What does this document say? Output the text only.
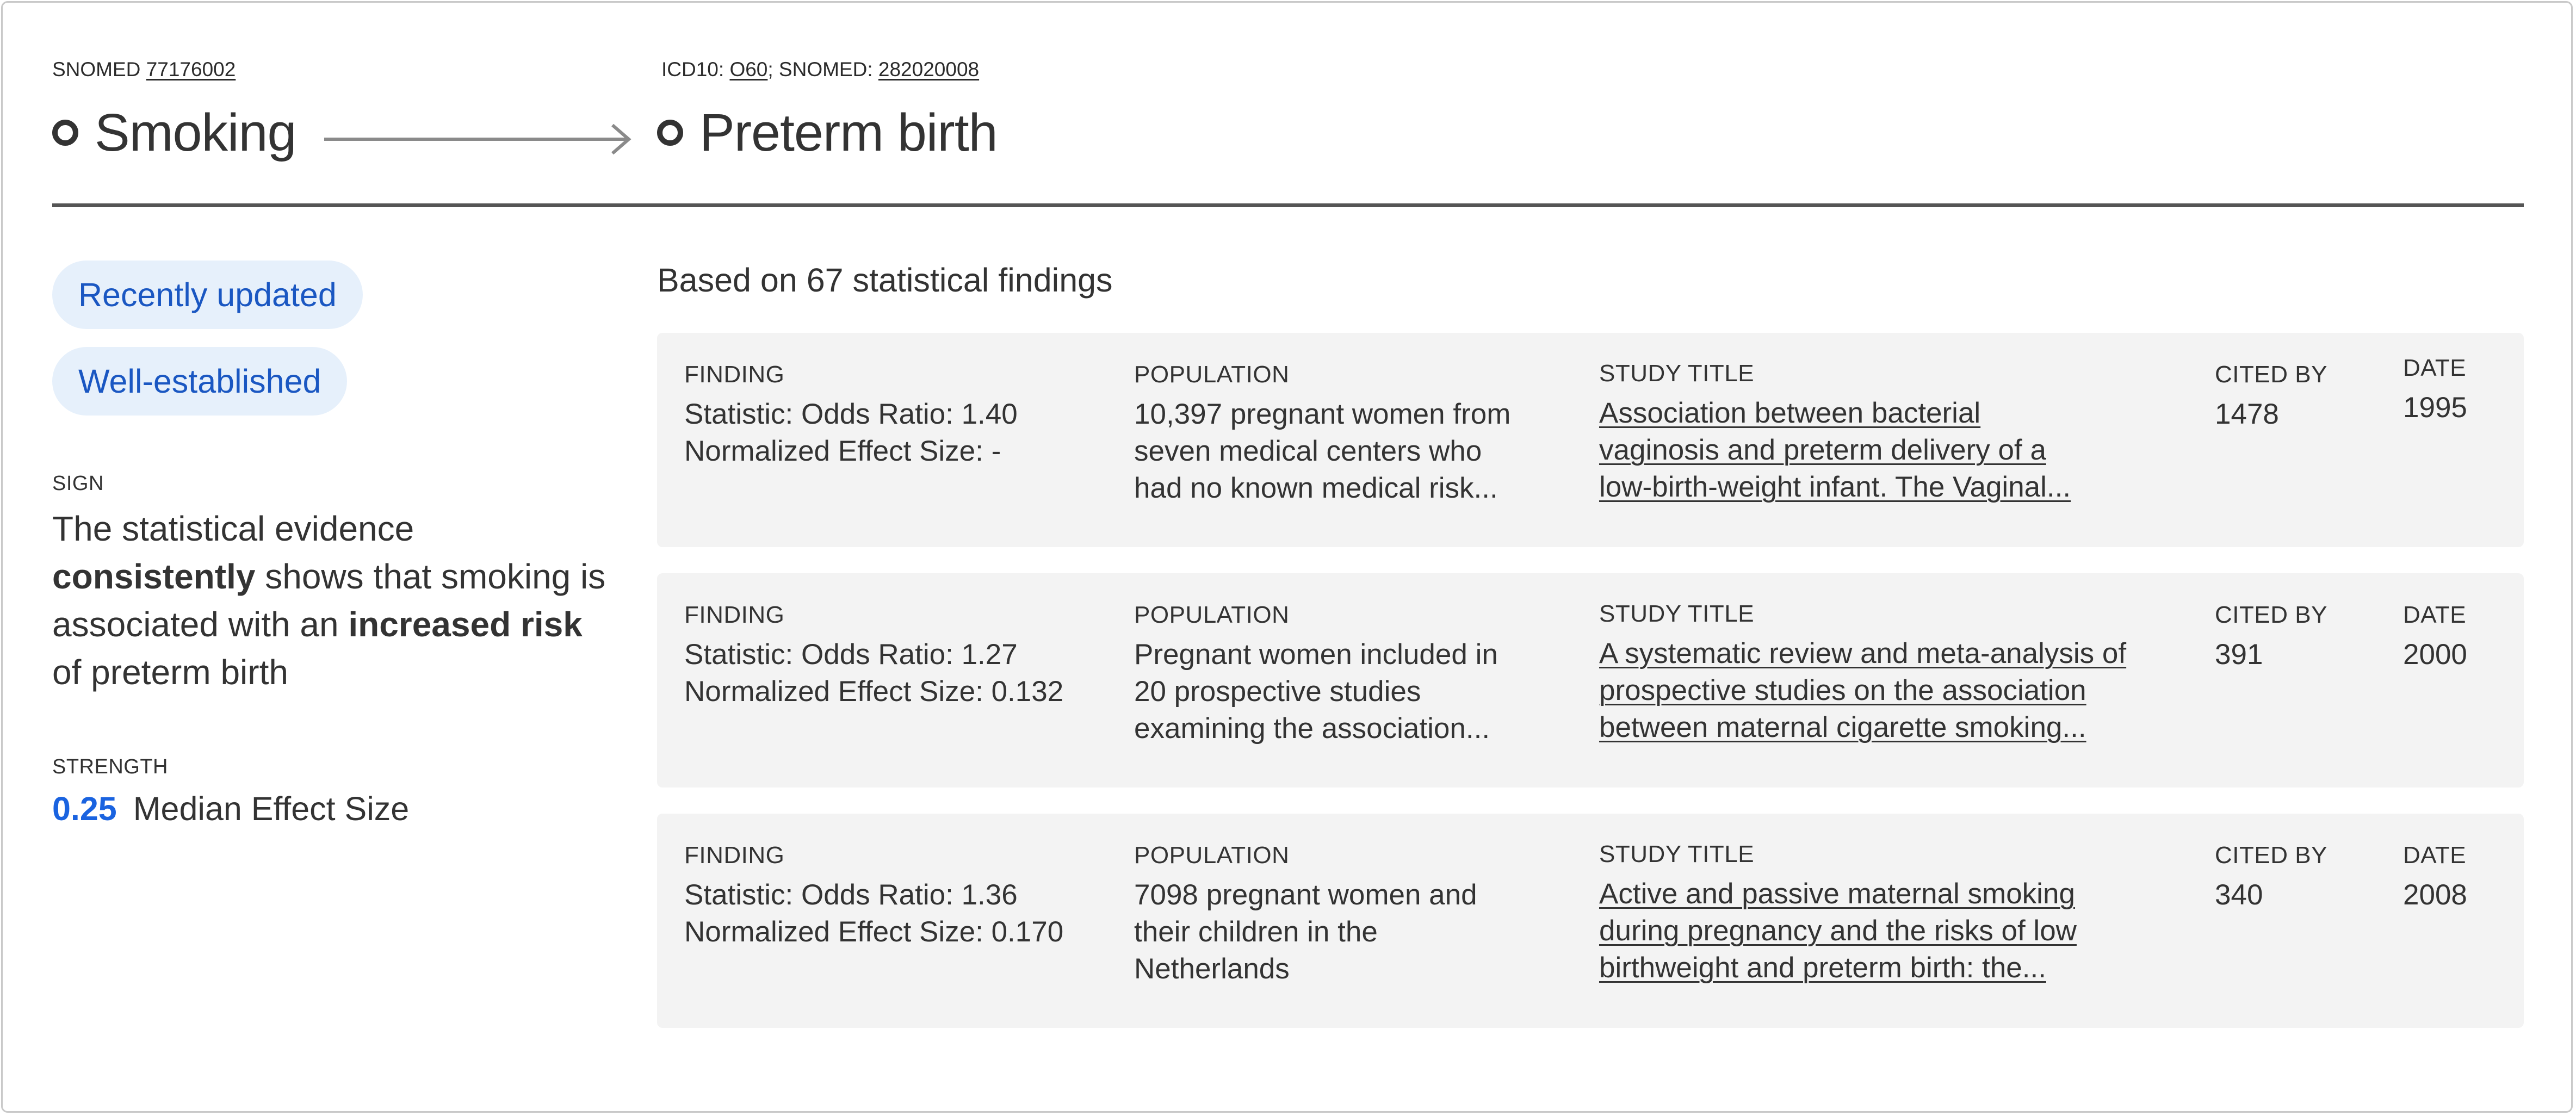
SNOMED 77176002
Smoking
ICD10: O60; SNOMED: 282020008
Preterm birth
Recently updated
Well-established
SIGN
The statistical evidence consistently shows that smoking is associated with an increased risk of preterm birth
STRENGTH
0.25 Median Effect Size
Based on 67 statistical findings
FINDING
Statistic: Odds Ratio: 1.40
Normalized Effect Size: -
POPULATION
10,397 pregnant women from
seven medical centers who
had no known medical risk...
STUDY TITLE
Association between bacterial
vaginosis and preterm delivery of a
low-birth-weight infant. The Vaginal...
CITED BY
1478
DATE
1995
FINDING
Statistic: Odds Ratio: 1.27
Normalized Effect Size: 0.132
POPULATION
Pregnant women included in
20 prospective studies
examining the association...
STUDY TITLE
A systematic review and meta-analysis of
prospective studies on the association
between maternal cigarette smoking...
CITED BY
391
DATE
2000
FINDING
Statistic: Odds Ratio: 1.36
Normalized Effect Size: 0.170
POPULATION
7098 pregnant women and
their children in the
Netherlands
STUDY TITLE
Active and passive maternal smoking
during pregnancy and the risks of low
birthweight and preterm birth: the...
CITED BY
340
DATE
2008
